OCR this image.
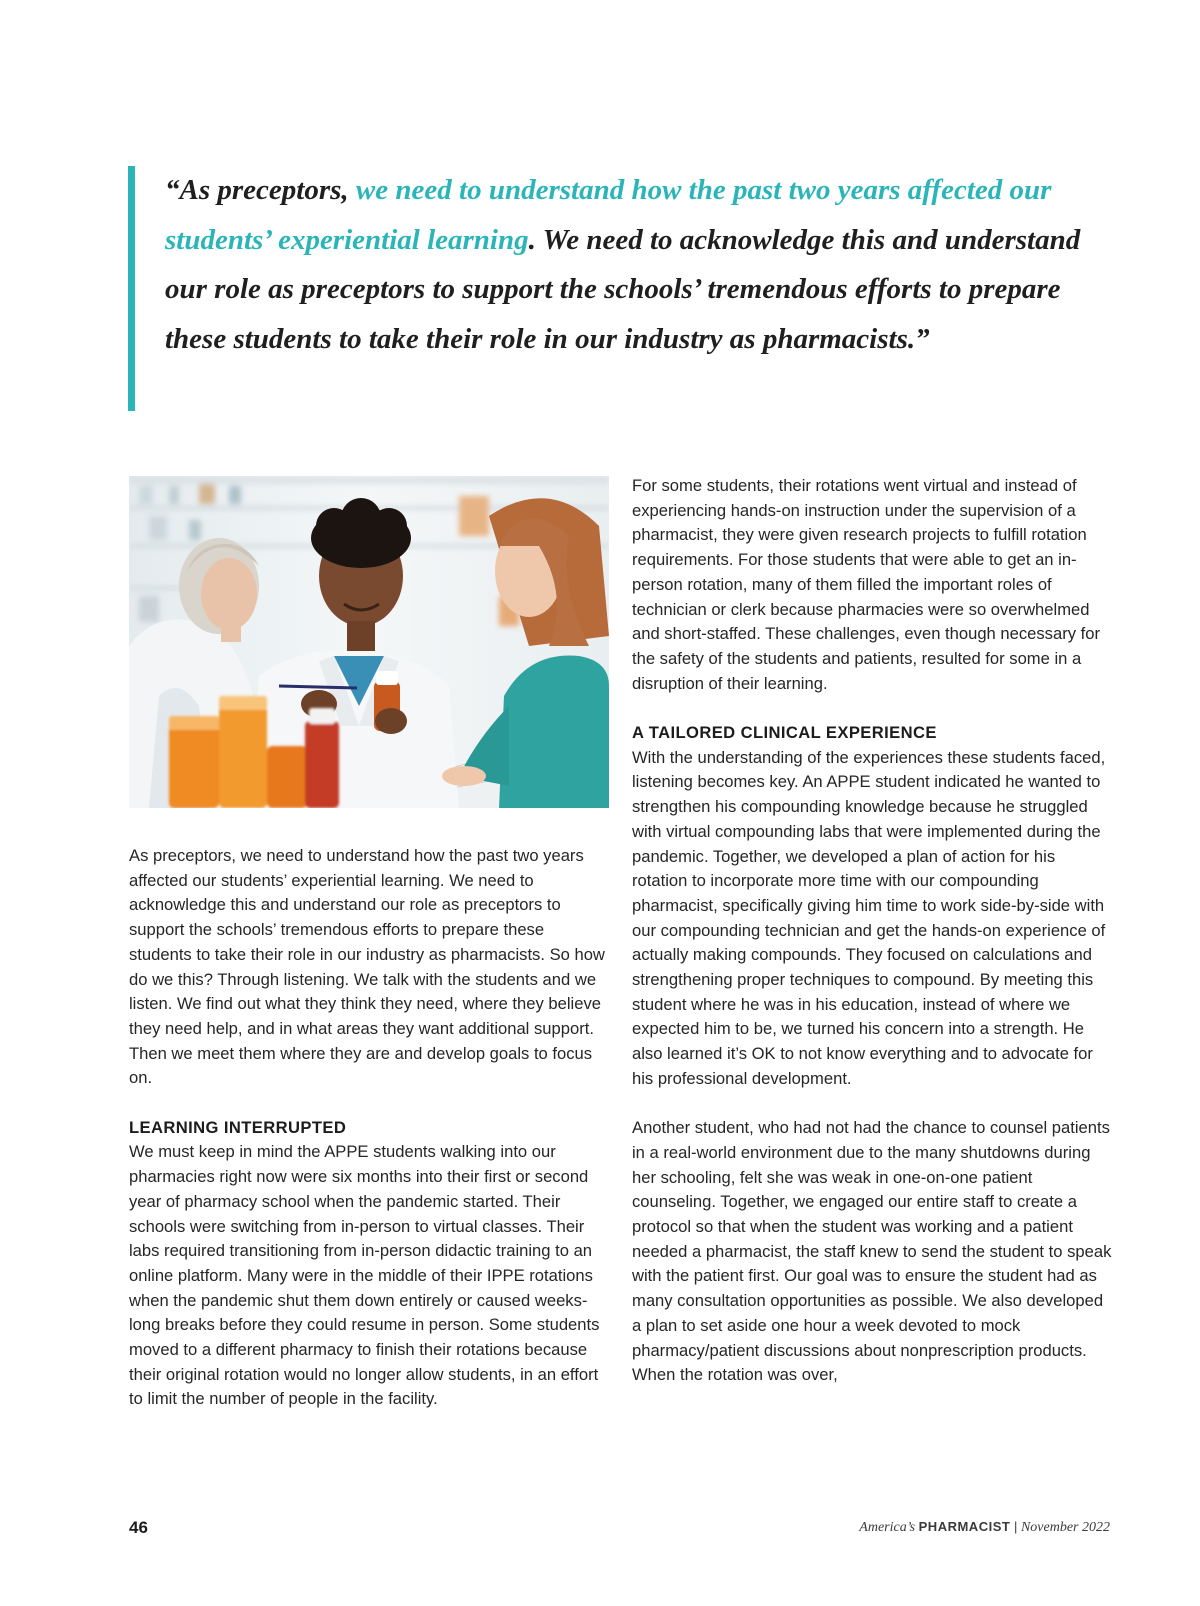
“As preceptors, we need to understand how the past two years affected our students’ experiential learning. We need to acknowledge this and understand our role as preceptors to support the schools’ tremendous efforts to prepare these students to take their role in our industry as pharmacists.”

As preceptors, we need to understand how the past two years affected our students’ experiential learning. We need to acknowledge this and understand our role as preceptors to support the schools’ tremendous efforts to prepare these students to take their role in our industry as pharmacists. So how do we this? Through listening. We talk with the students and we listen. We find out what they think they need, where they believe they need help, and in what areas they want additional support. Then we meet them where they are and develop goals to focus on.

LEARNING INTERRUPTED

We must keep in mind the APPE students walking into our pharmacies right now were six months into their first or second year of pharmacy school when the pandemic started. Their schools were switching from in-person to virtual classes. Their labs required transitioning from in-person didactic training to an online platform. Many were in the middle of their IPPE rotations when the pandemic shut them down entirely or caused weeks-long breaks before they could resume in person. Some students moved to a different pharmacy to finish their rotations because their original rotation would no longer allow students, in an effort to limit the number of people in the facility.

For some students, their rotations went virtual and instead of experiencing hands-on instruction under the supervision of a pharmacist, they were given research projects to fulfill rotation requirements. For those students that were able to get an in-person rotation, many of them filled the important roles of technician or clerk because pharmacies were so overwhelmed and short-staffed. These challenges, even though necessary for the safety of the students and patients, resulted for some in a disruption of their learning.

A TAILORED CLINICAL EXPERIENCE

With the understanding of the experiences these students faced, listening becomes key. An APPE student indicated he wanted to strengthen his compounding knowledge because he struggled with virtual compounding labs that were implemented during the pandemic. Together, we developed a plan of action for his rotation to incorporate more time with our compounding pharmacist, specifically giving him time to work side-by-side with our compounding technician and get the hands-on experience of actually making compounds. They focused on calculations and strengthening proper techniques to compound. By meeting this student where he was in his education, instead of where we expected him to be, we turned his concern into a strength. He also learned it’s OK to not know everything and to advocate for his professional development.

Another student, who had not had the chance to counsel patients in a real-world environment due to the many shutdowns during her schooling, felt she was weak in one-on-one patient counseling. Together, we engaged our entire staff to create a protocol so that when the student was working and a patient needed a pharmacist, the staff knew to send the student to speak with the patient first. Our goal was to ensure the student had as many consultation opportunities as possible. We also developed a plan to set aside one hour a week devoted to mock pharmacy/patient discussions about nonprescription products. When the rotation was over,

46	America’s PHARMACIST | November 2022
